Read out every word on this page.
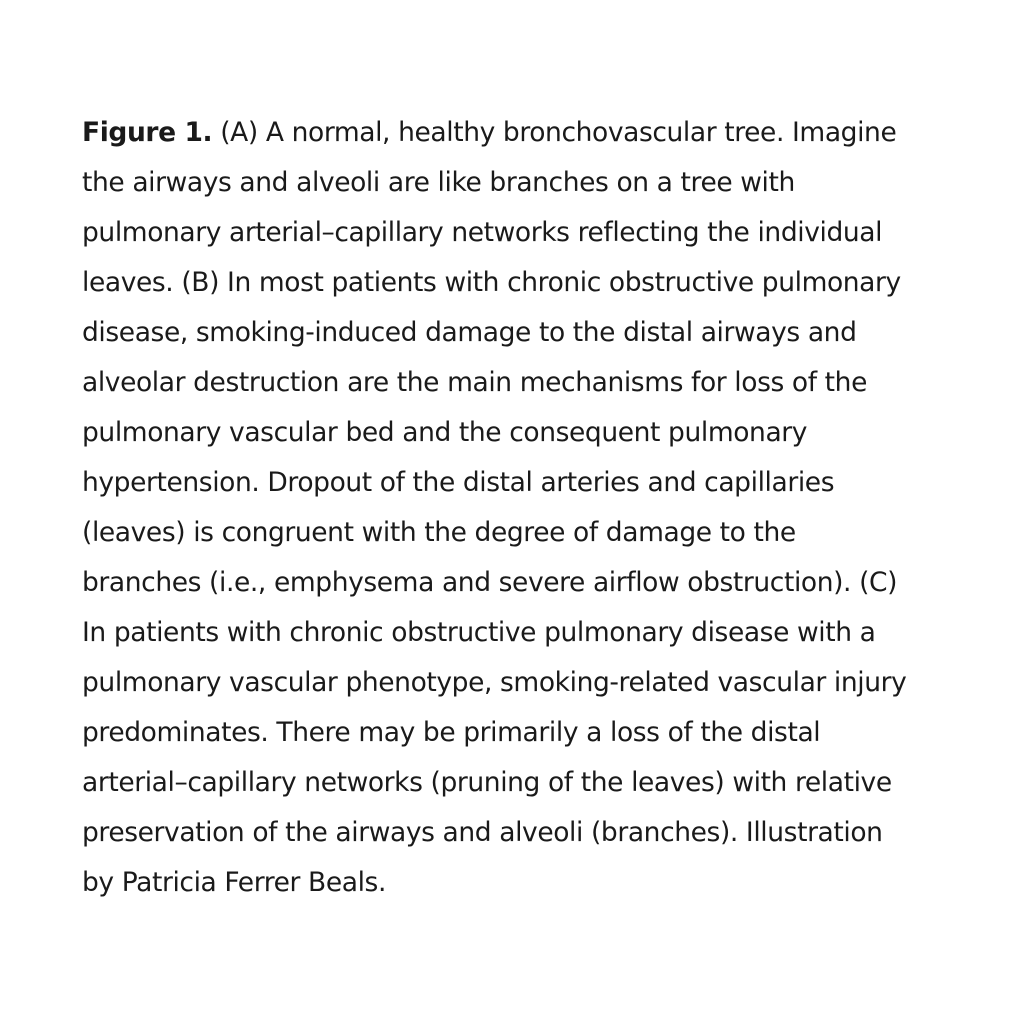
Figure 1. (A) A normal, healthy bronchovascular tree. Imagine
the airways and alveoli are like branches on a tree with
pulmonary arterial–capillary networks reflecting the individual
leaves. (B) In most patients with chronic obstructive pulmonary
disease, smoking-induced damage to the distal airways and
alveolar destruction are the main mechanisms for loss of the
pulmonary vascular bed and the consequent pulmonary
hypertension. Dropout of the distal arteries and capillaries
(leaves) is congruent with the degree of damage to the
branches (i.e., emphysema and severe airflow obstruction). (C)
In patients with chronic obstructive pulmonary disease with a
pulmonary vascular phenotype, smoking-related vascular injury
predominates. There may be primarily a loss of the distal
arterial–capillary networks (pruning of the leaves) with relative
preservation of the airways and alveoli (branches). Illustration
by Patricia Ferrer Beals.
